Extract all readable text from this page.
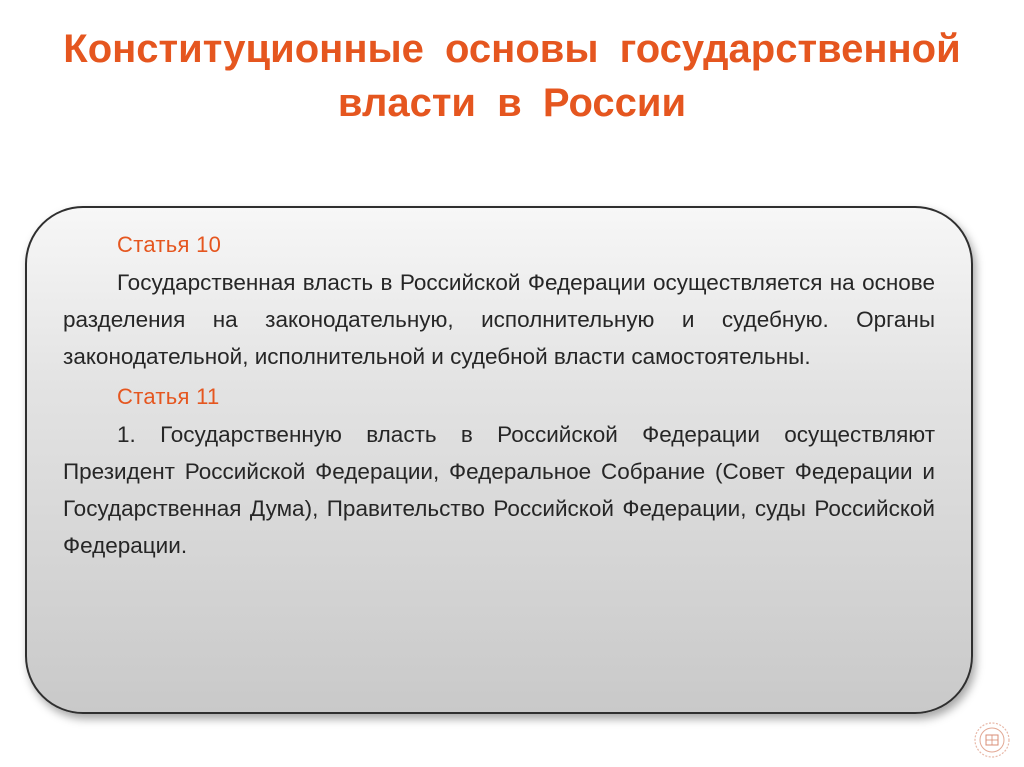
Конституционные основы государственной
власти в России

Статья 10

Государственная власть в Российской Федерации осуществляется на основе разделения на законодательную, исполнительную и судебную. Органы законодательной, исполнительной и судебной власти самостоятельны.

Статья 11

1. Государственную власть в Российской Федерации осуществляют Президент Российской Федерации, Федеральное Собрание (Совет Федерации и Государственная Дума), Правительство Российской Федерации, суды Российской Федерации.
